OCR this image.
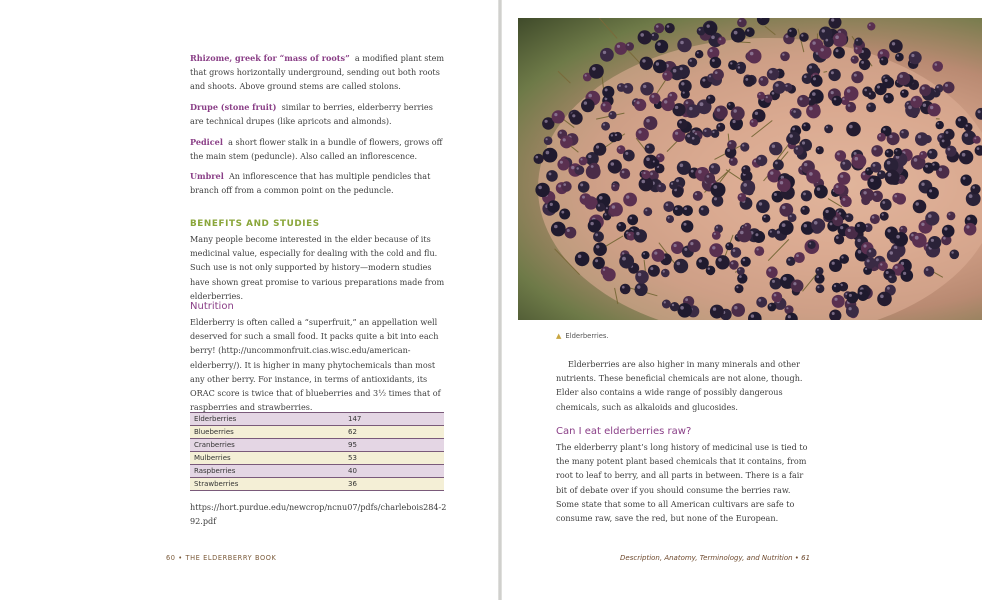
Rhizome, greek for “mass of roots” a modified plant stem that grows horizontally underground, sending out both roots and shoots. Above ground stems are called stolons.

Drupe (stone fruit) similar to berries, elderberry berries are technical drupes (like apricots and almonds).

Pedicel a short flower stalk in a bundle of flowers, grows off the main stem (peduncle). Also called an inflorescence.

Umbrel An inflorescence that has multiple pendicles that branch off from a common point on the peduncle.

BENEFITS AND STUDIES

Many people become interested in the elder because of its medicinal value, especially for dealing with the cold and flu. Such use is not only supported by history—modern studies have shown great promise to various preparations made from elderberries.

Nutrition

Elderberry is often called a “superfruit,” an appellation well deserved for such a small food. It packs quite a bit into each berry! (http://uncommonfruit.cias.wisc.edu/american-elderberry/). It is higher in many phytochemicals than most any other berry. For instance, in terms of antioxidants, its ORAC score is twice that of blueberries and 3½ times that of raspberries and strawberries.

Elderberries	147
Blueberries	62
Cranberries	95
Mulberries	53
Raspberries	40
Strawberries	36

https://hort.purdue.edu/newcrop/ncnu07/pdfs/charlebois284-292.pdf

60 • THE ELDERBERRY BOOK
▲ Elderberries.

Elderberries are also higher in many minerals and other nutrients. These beneficial chemicals are not alone, though. Elder also contains a wide range of possibly dangerous chemicals, such as alkaloids and glucosides.

Can I eat elderberries raw?

The elderberry plant’s long history of medicinal use is tied to the many potent plant based chemicals that it contains, from root to leaf to berry, and all parts in between. There is a fair bit of debate over if you should consume the berries raw. Some state that some to all American cultivars are safe to consume raw, save the red, but none of the European.

Description, Anatomy, Terminology, and Nutrition • 61
